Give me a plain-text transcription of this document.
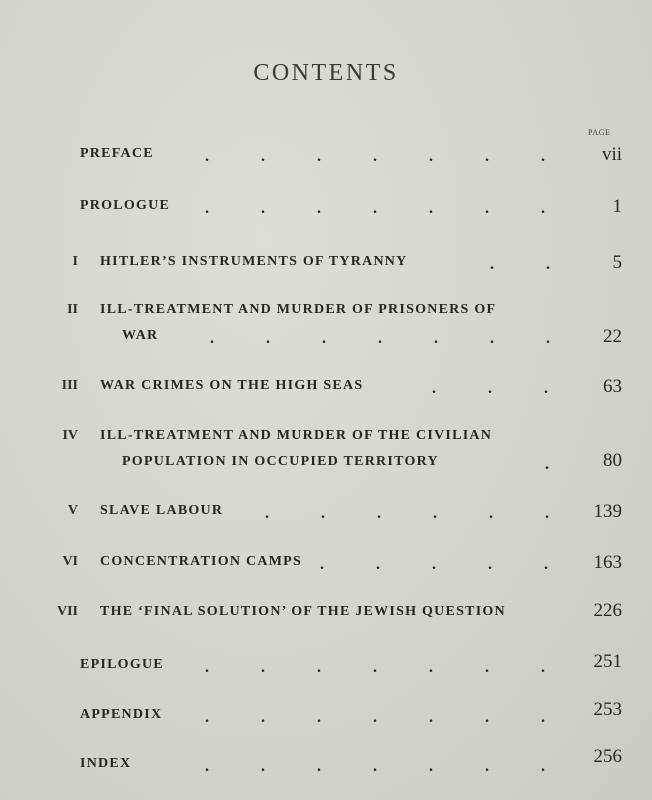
CONTENTS
PAGE
PREFACE	.	.	.	.	.	.	.	vii
PROLOGUE .	.	.	.	.	.	.	1
I HITLER’S INSTRUMENTS OF TYRANNY	.	.	5
II ILL-TREATMENT AND MURDER OF PRISONERS OF
WAR	.	.	.	.	.	.	.	22
III WAR CRIMES ON THE HIGH SEAS	.	.	.	63
IV ILL-TREATMENT AND MURDER OF THE CIVILIAN
POPULATION IN OCCUPIED TERRITORY	.	80
V SLAVE LABOUR	.	.	.	.	.	.	139
VI CONCENTRATION CAMPS .	.	.	.	.	163
VII THE ‘FINAL SOLUTION’ OF THE JEWISH QUESTION	226
EPILOGUE	.	.	.	.	.	.	.	251
APPENDIX	.	.	.	.	.	.	.	253
INDEX	.	.	.	.	.	.	.	256
